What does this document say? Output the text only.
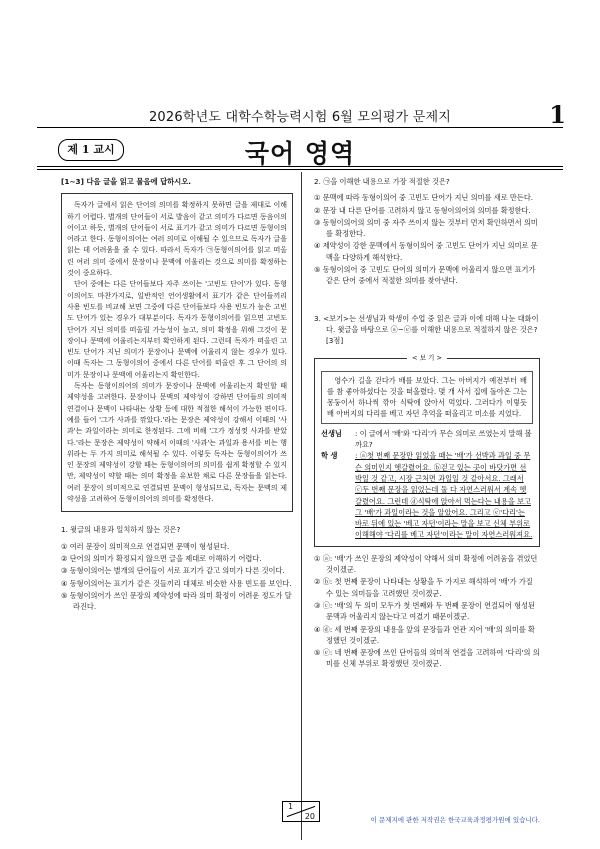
2026학년도 대학수학능력시험 6월 모의평가 문제지	1
제 1 교시	국어 영역
[1~3] 다음 글을 읽고 물음에 답하시오.

독자가 글에서 읽은 단어의 의미를 확정하지 못하면 글을 제대로 이해하기 어렵다. 별개의 단어들이 서로 발음이 같고 의미가 다르면 동음이의어이고 하듯, 별개의 단어들이 서로 표기가 같고 의미가 다르면 동형이의어라고 한다. 동형이의어는 여러 의미로 이해될 수 있으므로 독자가 글을 읽는 데 어려움을 줄 수 있다. 따라서 독자가 ㉠동형이의어를 읽고 떠올린 여러 의미 중에서 문장이나 문맥에 어울리는 것으로 의미를 확정하는 것이 중요하다.

단어 중에는 다른 단어들보다 자주 쓰이는 '고빈도 단어'가 있다. 동형이의어도 마찬가지로, 일반적인 언어생활에서 표기가 같은 단어들끼리 사용 빈도를 비교해 보면 그중에 다른 단어들보다 사용 빈도가 높은 고빈도 단어가 있는 경우가 대부분이다. 독자가 동형이의어를 읽으면 고빈도 단어가 지닌 의미를 떠올릴 가능성이 높고, 의미 확정을 위해 그것이 문장이나 문맥에 어울리는지부터 확인하게 된다. 그런데 독자가 떠올린 고빈도 단어가 지닌 의미가 문장이나 문맥에 어울리지 않는 경우가 있다. 이때 독자는 그 동형이의어 중에서 다른 단어를 떠올린 후 그 단어의 의미가 문장이나 문맥에 어울리는지 확인한다.

독자는 동형이의어의 의미가 문장이나 문맥에 어울리는지 확인할 때 제약성을 고려한다. 문장이나 문맥의 제약성이 강하면 단어들의 의미적 연결이나 문맥이 나타내는 상황 등에 대한 적절한 해석이 가능한 편이다. 예를 들어 '그가 사과를 깎았다.'라는 문장은 제약성이 강해서 이때의 '사과'는 과일이라는 의미로 한정된다. 그에 비해 '그가 정성껏 사과를 받았다.'라는 문장은 제약성이 약해서 이때의 '사과'는 과일과 용서를 비는 행위라는 두 가지 의미로 해석될 수 있다. 이렇듯 독자는 동형이의어가 쓰인 문장의 제약성이 강할 때는 동형이의어의 의미를 쉽게 확정할 수 있지만, 제약성이 약할 때는 의미 확정을 유보한 채로 다른 문장들을 읽는다. 여러 문장이 의미적으로 연결되면 문맥이 형성되므로, 독자는 문맥의 제약성을 고려하여 동형이의어의 의미를 확정한다.

1. 윗글의 내용과 일치하지 않는 것은?
① 여러 문장이 의미적으로 연결되면 문맥이 형성된다.
② 단어의 의미가 확정되지 않으면 글을 제대로 이해하기 어렵다.
③ 동형이의어는 별개의 단어들이 서로 표기가 같고 의미가 다른 것이다.
④ 동형이의어는 표기가 같은 것들끼리 대체로 비슷한 사용 빈도를 보인다.
⑤ 동형이의어가 쓰인 문장의 제약성에 따라 의미 확정이 어려운 정도가 달라진다.
2. ㉠을 이해한 내용으로 가장 적절한 것은?
① 문맥에 따라 동형이의어 중 고빈도 단어가 지닌 의미를 새로 만든다.
② 문장 내 다른 단어를 고려하지 않고 동형이의어의 의미를 확정한다.
③ 동형이의어의 의미 중 자주 쓰이지 않는 것부터 먼저 확인하면서 의미를 확정한다.
④ 제약성이 강한 문맥에서 동형이의어 중 고빈도 단어가 지닌 의미로 문맥을 다양하게 해석한다.
⑤ 동형이의어 중 고빈도 단어의 의미가 문맥에 어울리지 않으면 표기가 같은 단어 중에서 적절한 의미를 찾아낸다.
3. <보기>는 선생님과 학생이 수업 중 읽은 글과 이에 대해 나눈 대화이다. 윗글을 바탕으로 ⓐ~ⓔ를 이해한 내용으로 적절하지 않은 것은? [3점]
< 보 기 >
영수가 길을 걷다가 배를 보았다. 그는 아버지가 예전부터 배를 참 좋아하셨다는 것을 떠올렸다. 몇 개 사서 집에 돌아온 그는 몽둥이서 하나씩 깎아 식탁에 앉아서 먹었다. 그러다가 이렇듯 배 아버지의 다리를 베고 자던 추억을 떠올리고 미소를 지었다.
선생님	: 이 글에서 '배'와 '다리'가 무슨 의미로 쓰였는지 말해 볼까요?
학 생	: ⓐ첫 번째 문장만 읽었을 때는 '배'가 선박과 과일 중 무슨 의미인지 헷갈렸어요. ⓑ걷고 있는 곳이 바닷가면 선박일 것 같고, 시장 근처면 과일일 것 같아서요. 그래서 ⓒ두 번째 문장을 읽었는데 둘 다 자연스러워서 계속 헷갈렸어요. 그런데 ⓓ식탁에 앉아서 먹는다는 내용을 보고 그 '배'가 과일이라는 것을 알았어요. 그리고 ⓔ'다리'는 바로 뒤에 있는 '베고 자던'이라는 말을 보고 신체 부위로 이해해야 '다리를 베고 자던'이라는 말이 자연스러워져요.
① ⓐ: '배'가 쓰인 문장의 제약성이 약해서 의미 확정에 어려움을 겪었던 것이겠군.
② ⓑ: 첫 번째 문장이 나타내는 상황을 두 가지로 해석하여 '배'가 가질 수 있는 의미들을 고려했던 것이겠군.
③ ⓒ: '배'의 두 의미 모두가 첫 번째와 두 번째 문장이 연결되어 형성된 문맥과 어울리지 않는다고 여겼기 때문이겠군.
④ ⓓ: 세 번째 문장의 내용을 앞의 문장들과 연관 지어 '배'의 의미를 확정했던 것이겠군.
⑤ ⓔ: 네 번째 문장에 쓰인 단어들의 의미적 연결을 고려하여 '다리'의 의미를 신체 부위로 확정했던 것이겠군.
1
20	이 문제지에 관한 저작권은 한국교육과정평가원에 있습니다.
